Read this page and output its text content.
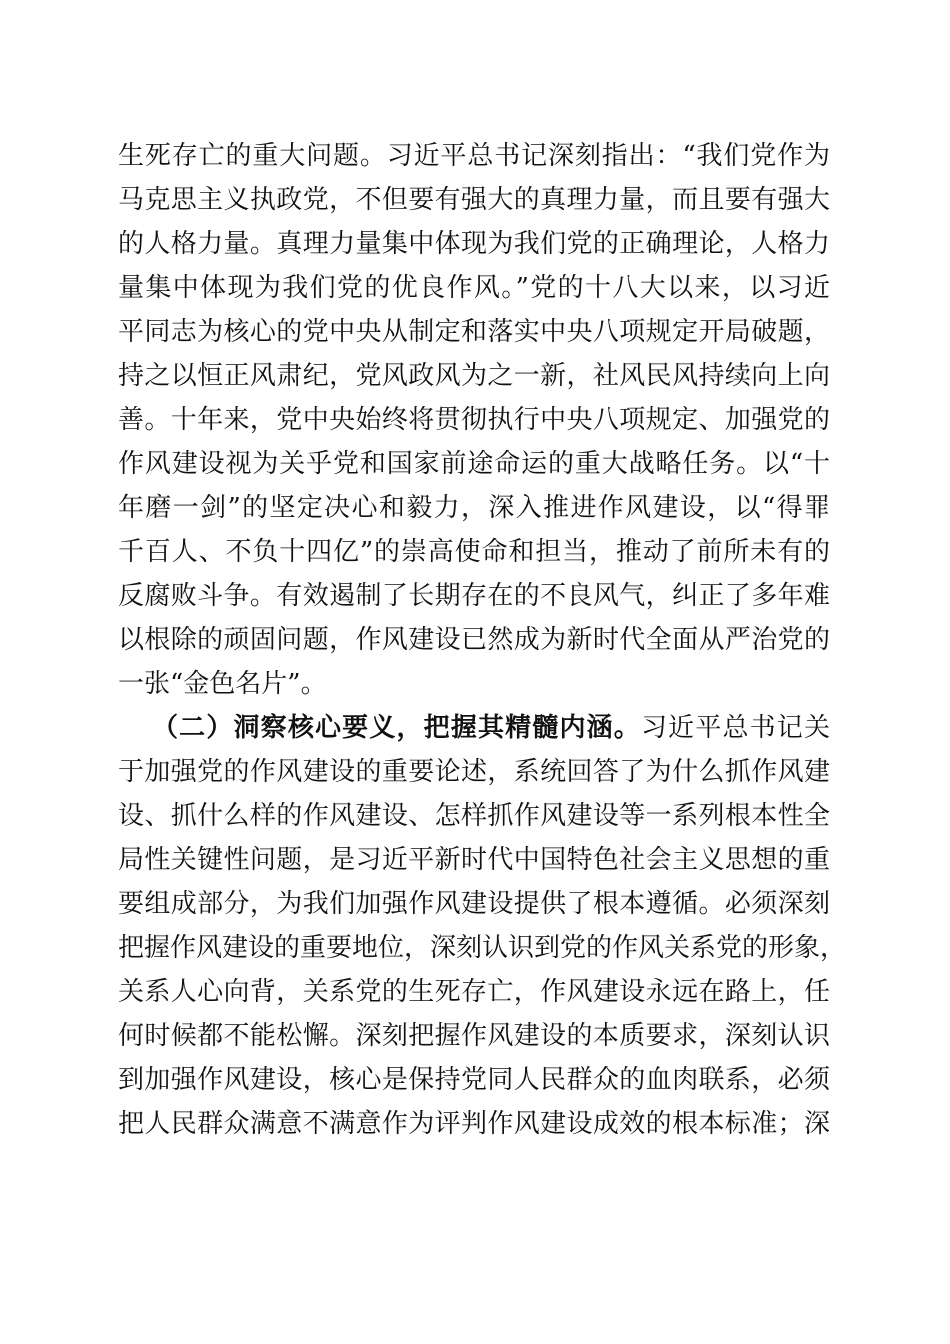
生死存亡的重大问题。习近平总书记深刻指出：“我们党作为
马克思主义执政党，不但要有强大的真理力量，而且要有强大
的人格力量。真理力量集中体现为我们党的正确理论，人格力
量集中体现为我们党的优良作风。”党的十八大以来，以习近
平同志为核心的党中央从制定和落实中央八项规定开局破题，
持之以恒正风肃纪，党风政风为之一新，社风民风持续向上向
善。十年来，党中央始终将贯彻执行中央八项规定、加强党的
作风建设视为关乎党和国家前途命运的重大战略任务。以“十
年磨一剑”的坚定决心和毅力，深入推进作风建设，以“得罪
千百人、不负十四亿”的崇高使命和担当，推动了前所未有的
反腐败斗争。有效遏制了长期存在的不良风气，纠正了多年难
以根除的顽固问题，作风建设已然成为新时代全面从严治党的
一张“金色名片”。
（二）洞察核心要义，把握其精髓内涵。习近平总书记关
于加强党的作风建设的重要论述，系统回答了为什么抓作风建
设、抓什么样的作风建设、怎样抓作风建设等一系列根本性全
局性关键性问题，是习近平新时代中国特色社会主义思想的重
要组成部分，为我们加强作风建设提供了根本遵循。必须深刻
把握作风建设的重要地位，深刻认识到党的作风关系党的形象，
关系人心向背，关系党的生死存亡，作风建设永远在路上，任
何时候都不能松懈。深刻把握作风建设的本质要求，深刻认识
到加强作风建设，核心是保持党同人民群众的血肉联系，必须
把人民群众满意不满意作为评判作风建设成效的根本标准；深
